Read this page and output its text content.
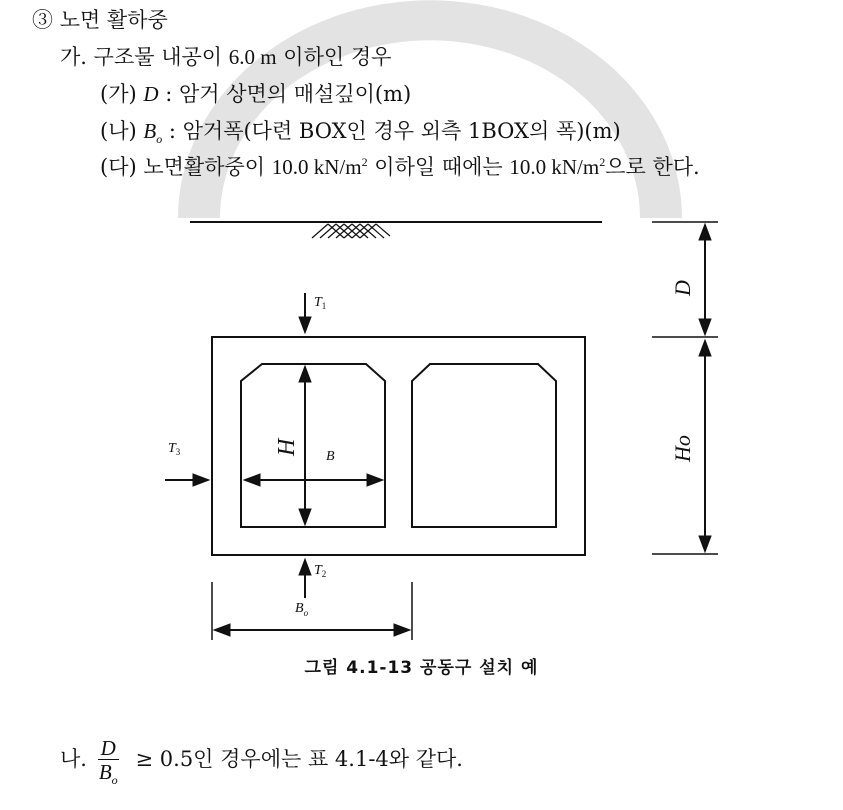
$T_1$
$T_2$
$T_3$	B
H
D
Ho
$B_o$
③ 노면 활하중
가. 구조물 내공이 6.0 m 이하인 경우
(가) D : 암거 상면의 매설깊이(m)
(나) $B_o$ : 암거폭(다련 BOX인 경우 외측 1BOX의 폭)(m)
(다) 노면활하중이 10.0 $kN/m^2$ 이하일 때에는 10.0 $kN/m^2$으로 한다.
그림 4.1-13 공동구 설치 예
나. $\frac{D}{B_o} \ge 0.5$인 경우에는 표 4.1-4와 같다.
